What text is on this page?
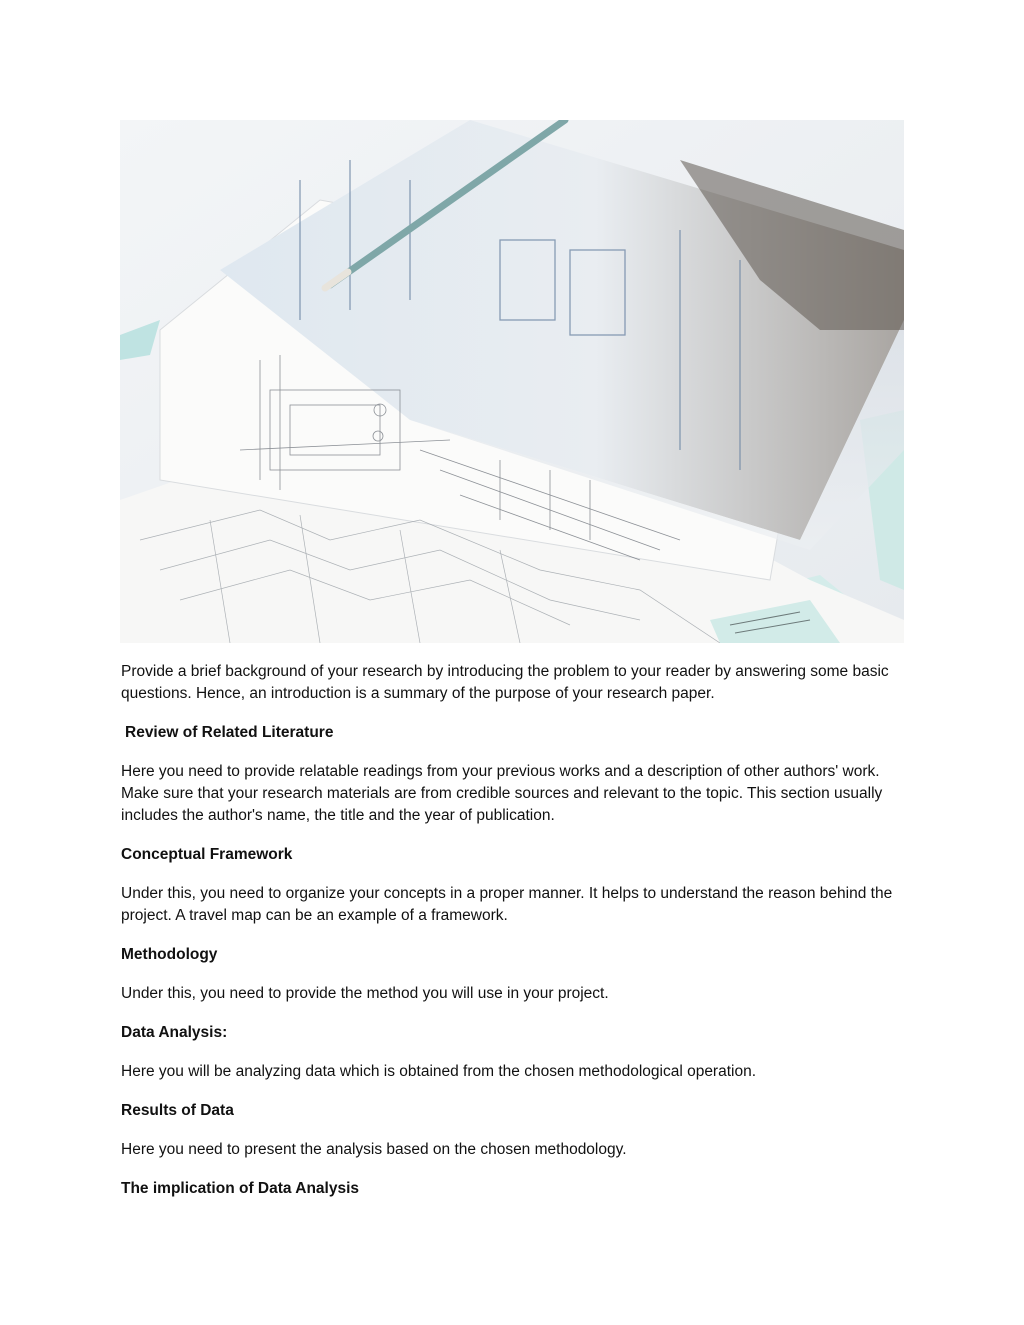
Provide a brief background of your research by introducing the problem to your reader by answering some basic questions. Hence, an introduction is a summary of the purpose of your research paper.

Review of Related Literature

Here you need to provide relatable readings from your previous works and a description of other authors' work. Make sure that your research materials are from credible sources and relevant to the topic. This section usually includes the author's name, the title and the year of publication.

Conceptual Framework

Under this, you need to organize your concepts in a proper manner. It helps to understand the reason behind the project. A travel map can be an example of a framework.

Methodology

Under this, you need to provide the method you will use in your project.

Data Analysis:

Here you will be analyzing data which is obtained from the chosen methodological operation.

Results of Data

Here you need to present the analysis based on the chosen methodology.

The implication of Data Analysis
